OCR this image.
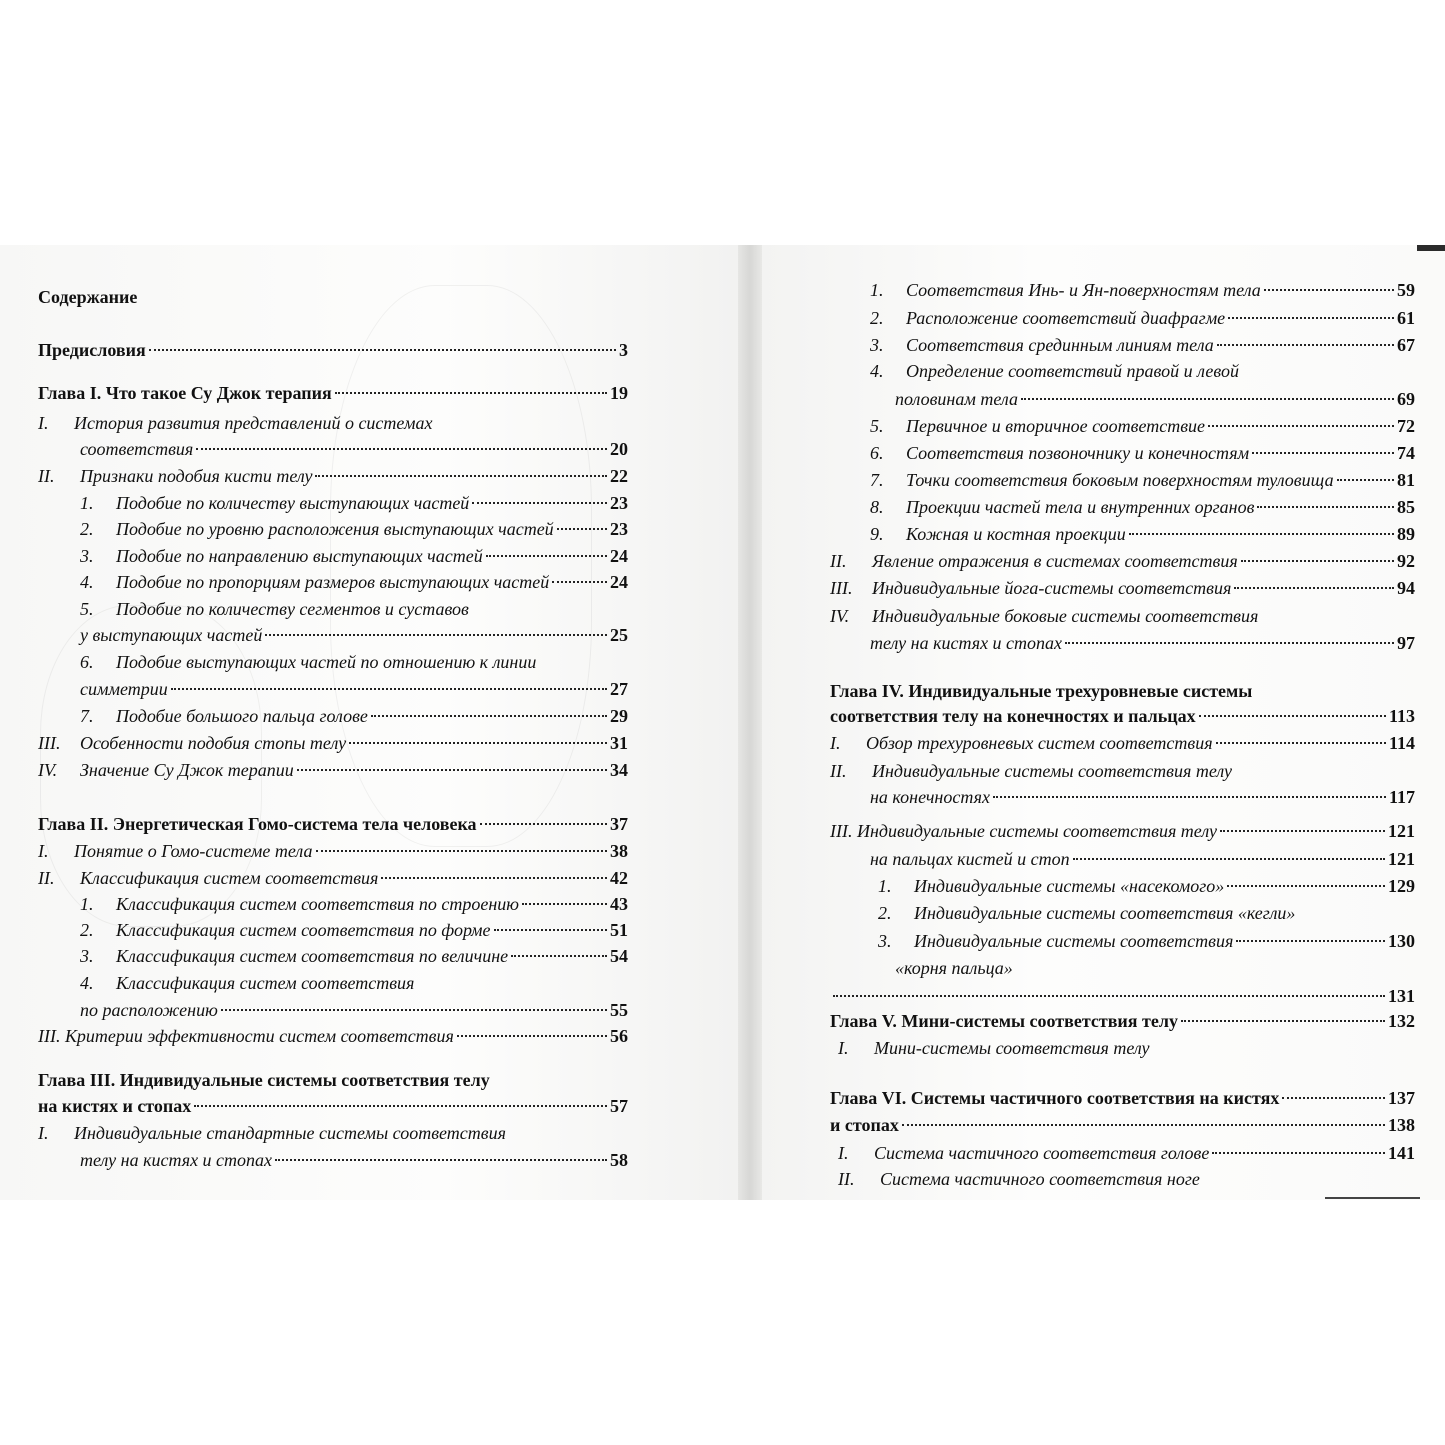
Содержание
Предисловия	3
Глава I. Что такое Су Джок терапия	19
I.	История развития представлений о системах
соответствия	20
II.	Признаки подобия кисти телу	22
1.	Подобие по количеству выступающих частей	23
2.	Подобие по уровню расположения выступающих частей	23
3.	Подобие по направлению выступающих частей	24
4.	Подобие по пропорциям размеров выступающих частей	24
5.	Подобие по количеству сегментов и суставов
у выступающих частей	25
6.	Подобие выступающих частей по отношению к линии
симметрии	27
7.	Подобие большого пальца голове	29
III.	Особенности подобия стопы телу	31
IV.	Значение Су Джок терапии	34
Глава II. Энергетическая Гомо-система тела человека	37
I.	Понятие о Гомо-системе тела	38
II.	Классификация систем соответствия	42
1.	Классификация систем соответствия по строению	43
2.	Классификация систем соответствия по форме	51
3.	Классификация систем соответствия по величине	54
4.	Классификация систем соответствия
по расположению	55
III. Критерии эффективности систем соответствия	56
Глава III. Индивидуальные системы соответствия телу
на кистях и стопах	57
I.	Индивидуальные стандартные системы соответствия
телу на кистях и стопах	58
1.	Соответствия Инь- и Ян-поверхностям тела	59
2.	Расположение соответствий диафрагме	61
3.	Соответствия срединным линиям тела	67
4.	Определение соответствий правой и левой
половинам тела	69
5.	Первичное и вторичное соответствие	72
6.	Соответствия позвоночнику и конечностям	74
7.	Точки соответствия боковым поверхностям туловища	81
8.	Проекции частей тела и внутренних органов	85
9.	Кожная и костная проекции	89
II.	Явление отражения в системах соответствия	92
III.	Индивидуальные йога-системы соответствия	94
IV.	Индивидуальные боковые системы соответствия
телу на кистях и стопах	97
Глава IV. Индивидуальные трехуровневые системы
соответствия телу на конечностях и пальцах	113
I.	Обзор трехуровневых систем соответствия	114
II.	Индивидуальные системы соответствия телу
на конечностях	117
III. Индивидуальные системы соответствия телу	121
на пальцах кистей и стоп	121
1.	Индивидуальные системы «насекомого»	129
2.	Индивидуальные системы соответствия «кегли»
3.	Индивидуальные системы соответствия	130
«корня пальца»
131
Глава V. Мини-системы соответствия телу	132
I.	Мини-системы соответствия телу
Глава VI. Системы частичного соответствия на кистях	137
и стопах	138
I.	Система частичного соответствия голове	141
II.	Система частичного соответствия ноге
